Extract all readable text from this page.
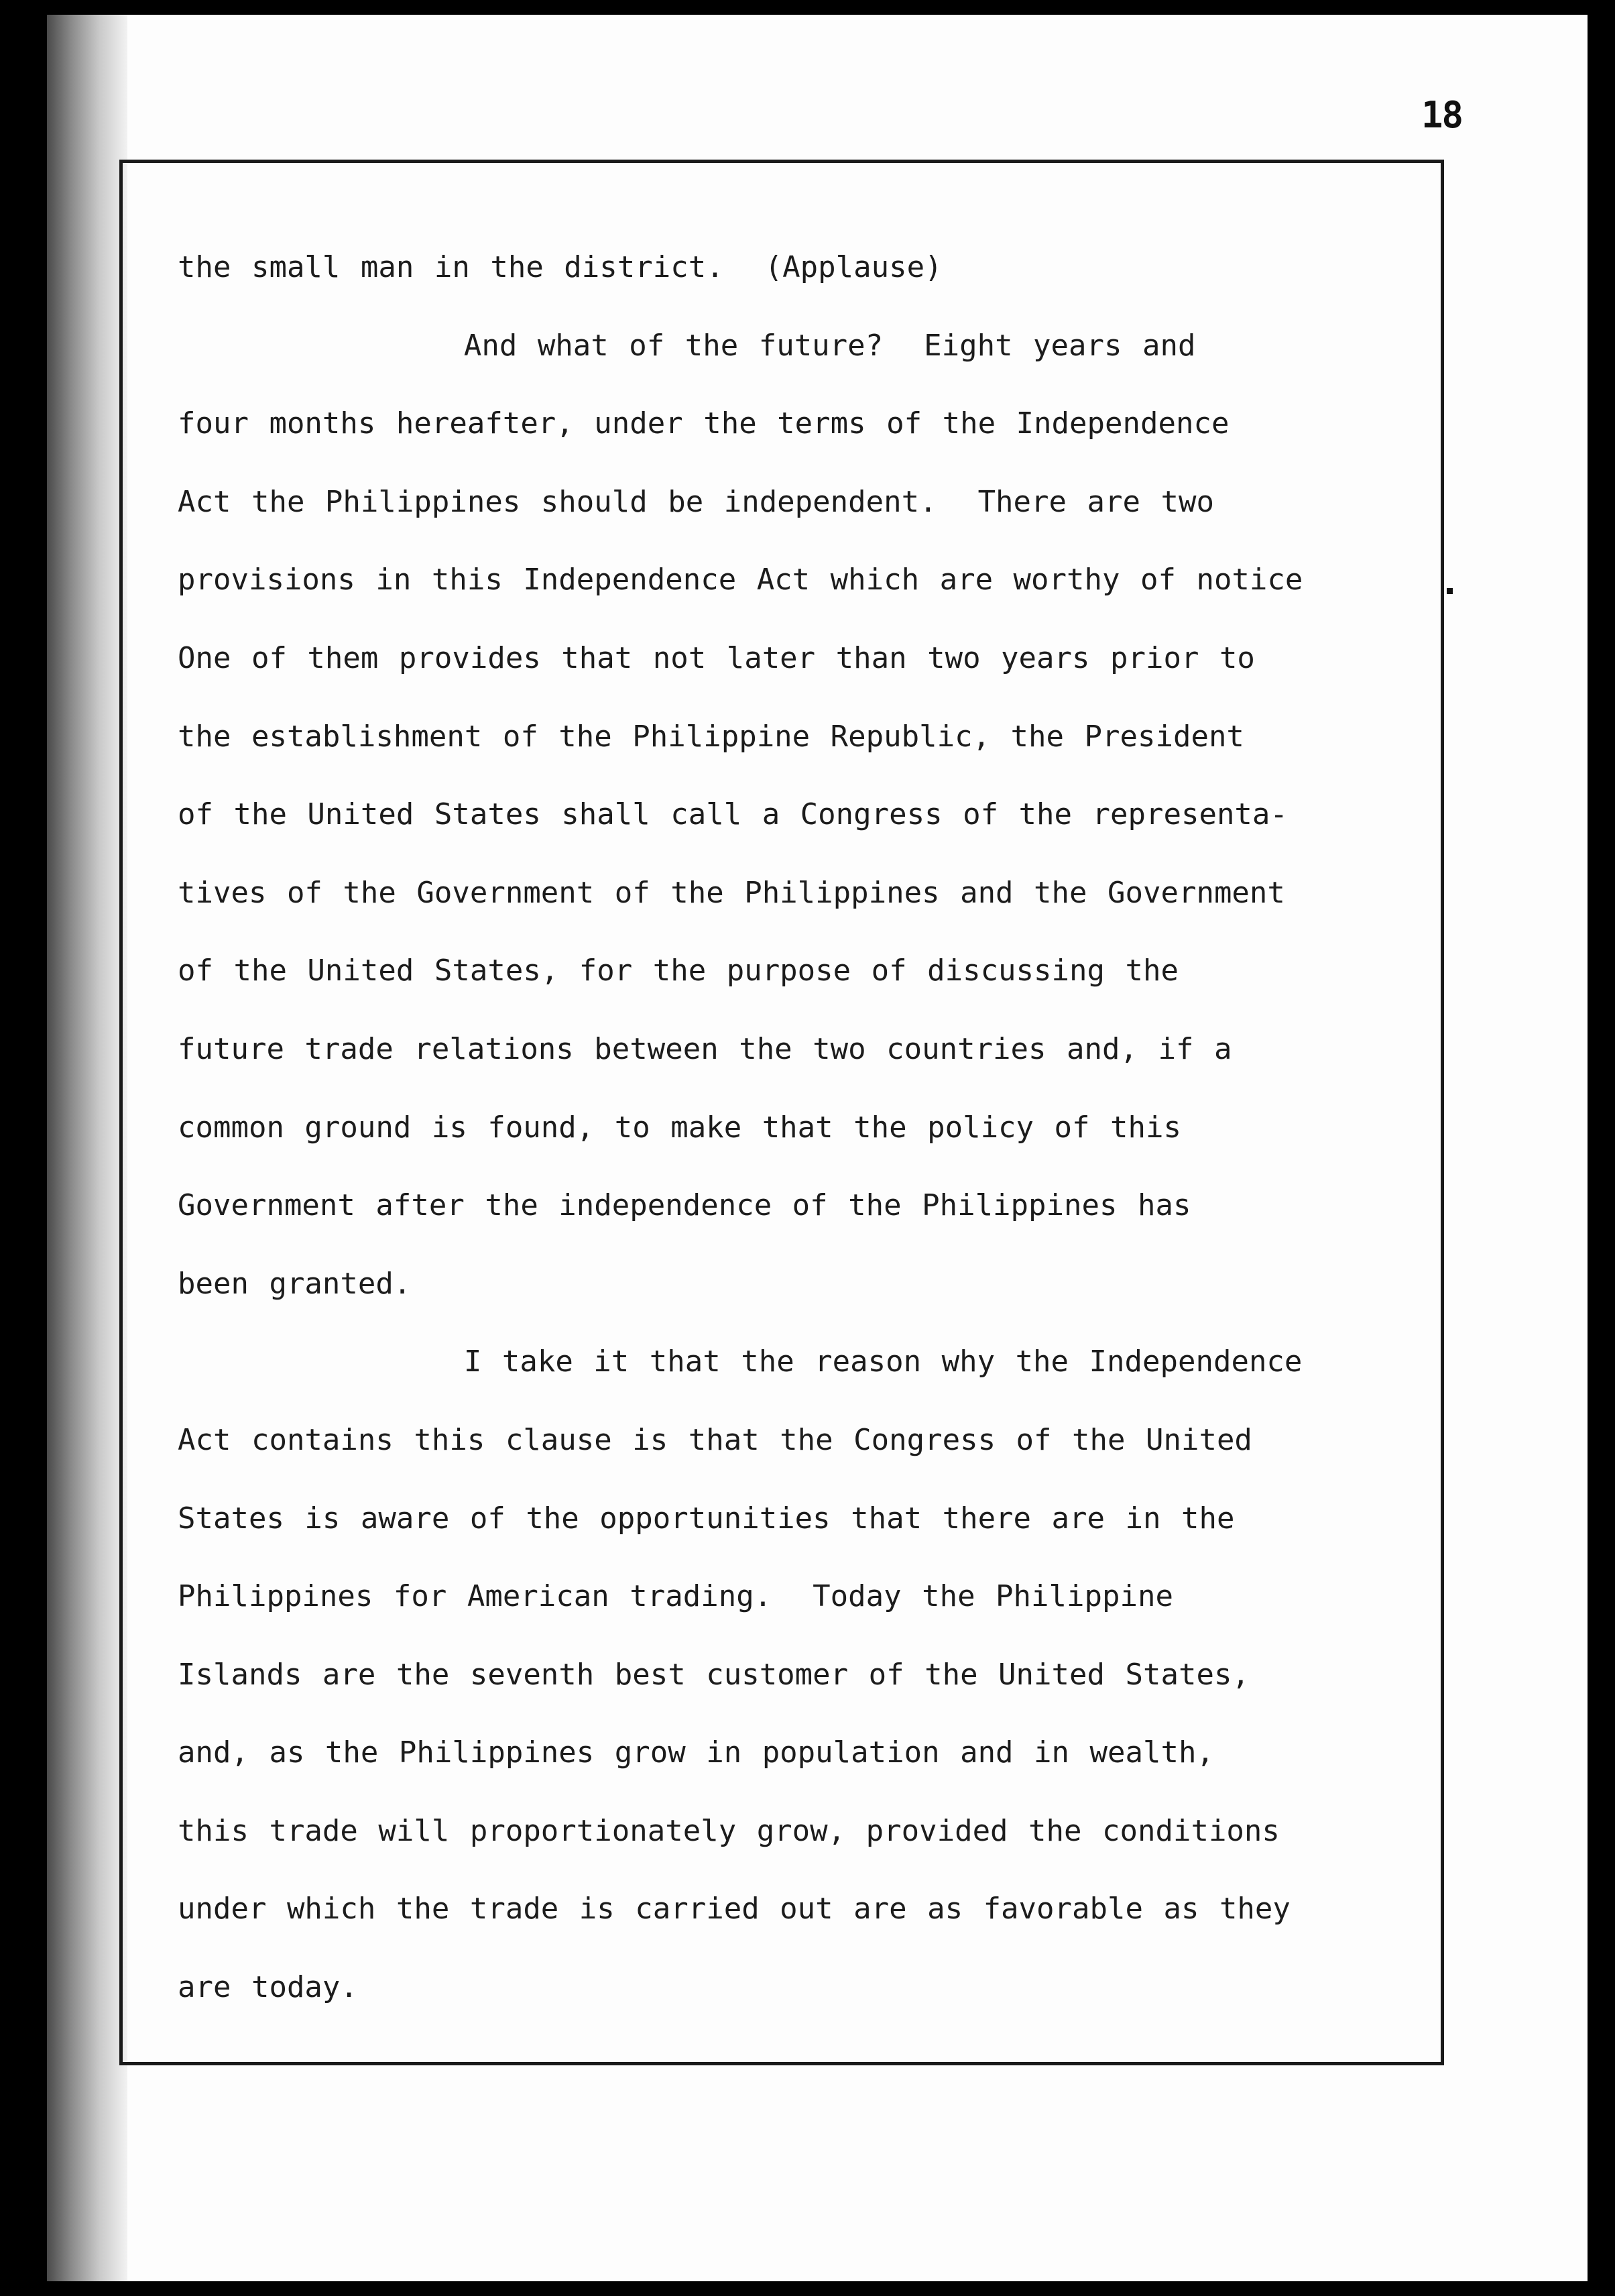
18
the small man in the district.  (Applause)
And what of the future?  Eight years and
four months hereafter, under the terms of the Independence
Act the Philippines should be independent.  There are two
provisions in this Independence Act which are worthy of notice
One of them provides that not later than two years prior to
the establishment of the Philippine Republic, the President
of the United States shall call a Congress of the representa-
tives of the Government of the Philippines and the Government
of the United States, for the purpose of discussing the
future trade relations between the two countries and, if a
common ground is found, to make that the policy of this
Government after the independence of the Philippines has
been granted.
I take it that the reason why the Independence
Act contains this clause is that the Congress of the United
States is aware of the opportunities that there are in the
Philippines for American trading.  Today the Philippine
Islands are the seventh best customer of the United States,
and, as the Philippines grow in population and in wealth,
this trade will proportionately grow, provided the conditions
under which the trade is carried out are as favorable as they
are today.
